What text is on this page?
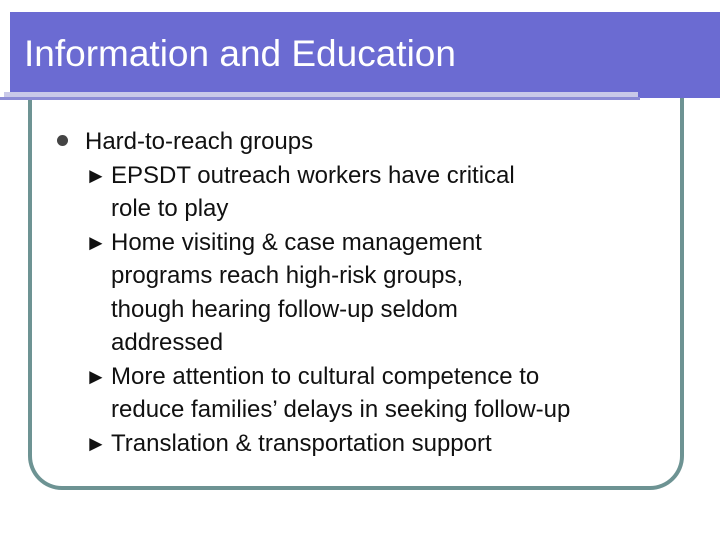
Information and Education
Hard-to-reach groups
► EPSDT outreach workers have critical
role to play
► Home visiting & case management
programs reach high-risk groups,
though hearing follow-up seldom
addressed
► More attention to cultural competence to
reduce families’ delays in seeking follow-up
► Translation & transportation support
